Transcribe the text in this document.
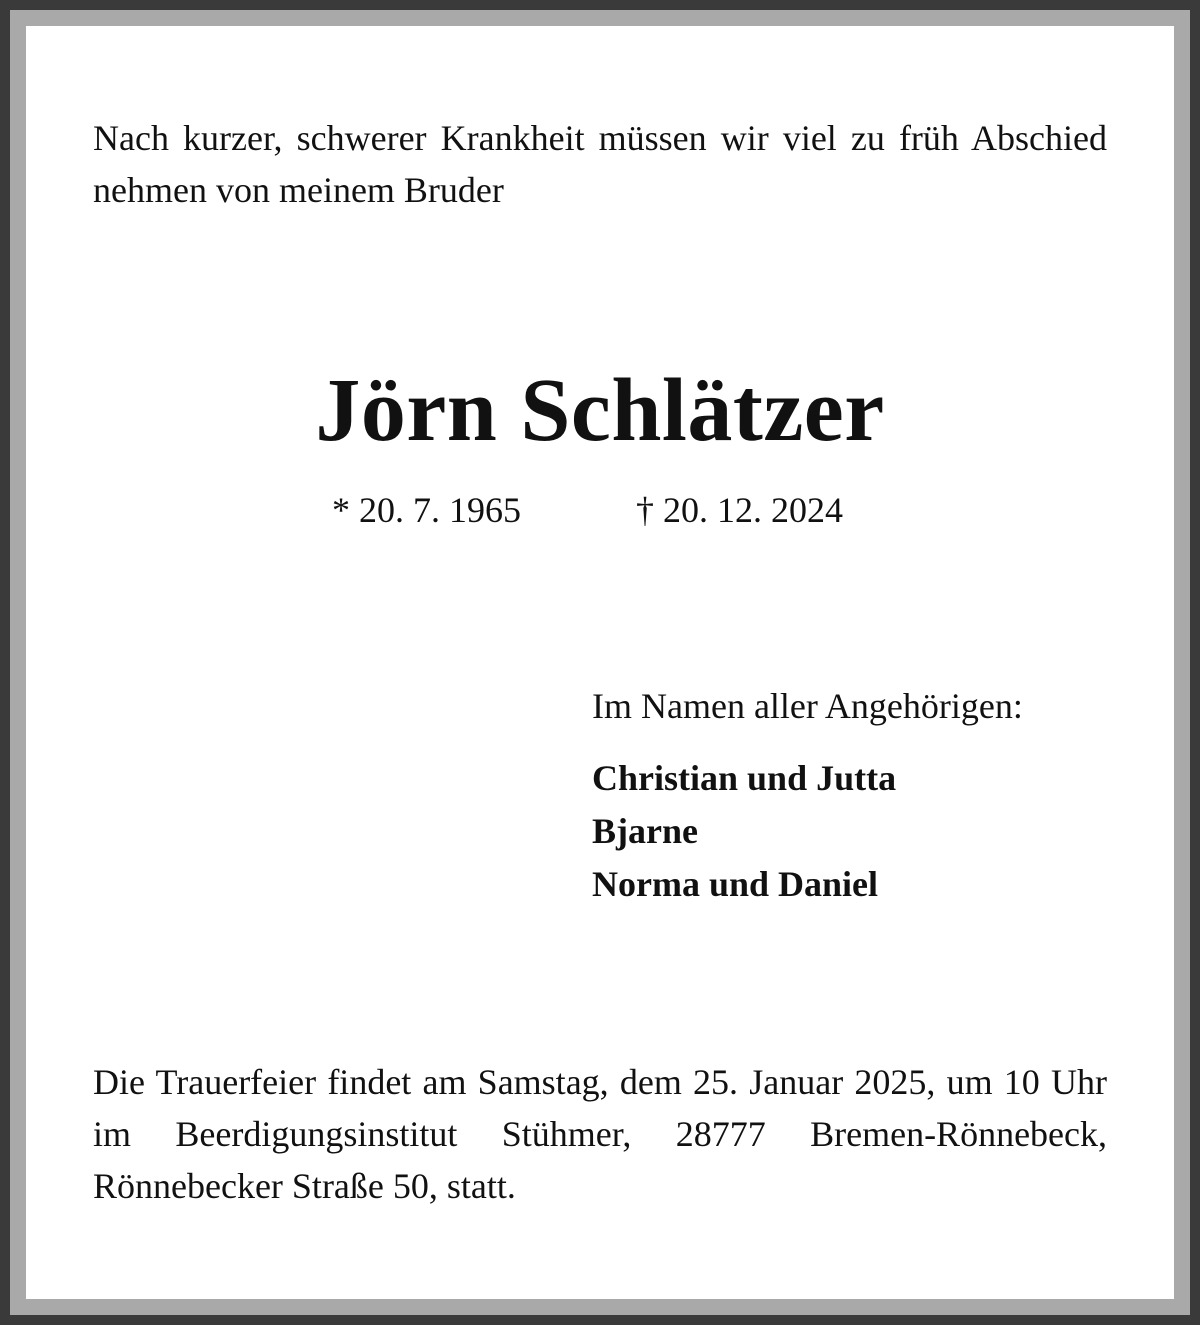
Nach kurzer, schwerer Krankheit müssen wir viel zu früh Abschied nehmen von meinem Bruder

Jörn Schlätzer
* 20. 7. 1965	† 20. 12. 2024

Im Namen aller Angehörigen:

Christian und Jutta
Bjarne
Norma und Daniel

Die Trauerfeier findet am Samstag, dem 25. Januar 2025, um 10 Uhr im Beerdigungsinstitut Stühmer, 28777 Bremen-Rönnebeck, Rönnebecker Straße 50, statt.
